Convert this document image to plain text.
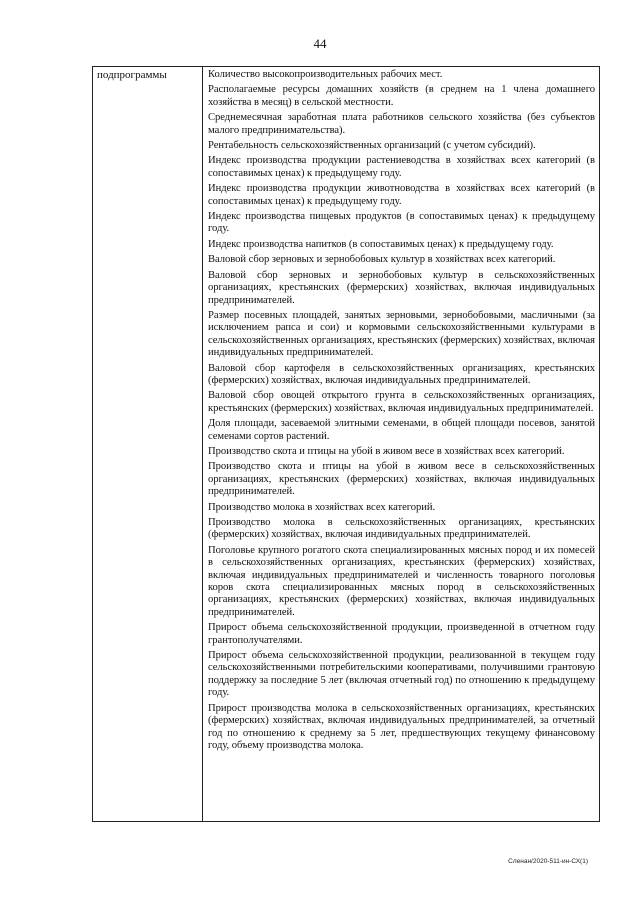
44
подпрограммы	Количество высокопроизводительных рабочих мест.

Располагаемые ресурсы домашних хозяйств (в среднем на 1 члена домашнего хозяйства в месяц) в сельской местности.

Среднемесячная заработная плата работников сельского хозяйства (без субъектов малого предпринимательства).

Рентабельность сельскохозяйственных организаций (с учетом субсидий).

Индекс производства продукции растениеводства в хозяйствах всех категорий (в сопоставимых ценах) к предыдущему году.

Индекс производства продукции животноводства в хозяйствах всех категорий (в сопоставимых ценах) к предыдущему году.

Индекс производства пищевых продуктов (в сопоставимых ценах) к предыдущему году.

Индекс производства напитков (в сопоставимых ценах) к предыдущему году.

Валовой сбор зерновых и зернобобовых культур в хозяйствах всех категорий.

Валовой сбор зерновых и зернобобовых культур в сельскохозяйственных организациях, крестьянских (фермерских) хозяйствах, включая индивидуальных предпринимателей.

Размер посевных площадей, занятых зерновыми, зернобобовыми, масличными (за исключением рапса и сои) и кормовыми сельскохозяйственными культурами в сельскохозяйственных организациях, крестьянских (фермерских) хозяйствах, включая индивидуальных предпринимателей.

Валовой сбор картофеля в сельскохозяйственных организациях, крестьянских (фермерских) хозяйствах, включая индивидуальных предпринимателей.

Валовой сбор овощей открытого грунта в сельскохозяйственных организациях, крестьянских (фермерских) хозяйствах, включая индивидуальных предпринимателей.

Доля площади, засеваемой элитными семенами, в общей площади посевов, занятой семенами сортов растений.

Производство скота и птицы на убой в живом весе в хозяйствах всех категорий.

Производство скота и птицы на убой в живом весе в сельскохозяйственных организациях, крестьянских (фермерских) хозяйствах, включая индивидуальных предпринимателей.

Производство молока в хозяйствах всех категорий.

Производство молока в сельскохозяйственных организациях, крестьянских (фермерских) хозяйствах, включая индивидуальных предпринимателей.

Поголовье крупного рогатого скота специализированных мясных пород и их помесей в сельскохозяйственных организациях, крестьянских (фермерских) хозяйствах, включая индивидуальных предпринимателей и численность товарного поголовья коров скота специализированных мясных пород в сельскохозяйственных организациях, крестьянских (фермерских) хозяйствах, включая индивидуальных предпринимателей.

Прирост объема сельскохозяйственной продукции, произведенной в отчетном году грантополучателями.

Прирост объема сельскохозяйственной продукции, реализованной в текущем году сельскохозяйственными потребительскими кооперативами, получившими грантовую поддержку за последние 5 лет (включая отчетный год) по отношению к предыдущему году.

Прирост производства молока в сельскохозяйственных организациях, крестьянских (фермерских) хозяйствах, включая индивидуальных предпринимателей, за отчетный год по отношению к среднему за 5 лет, предшествующих текущему финансовому году, объему производства молока.

Сленан/2020-511-ин-СХ(1)
